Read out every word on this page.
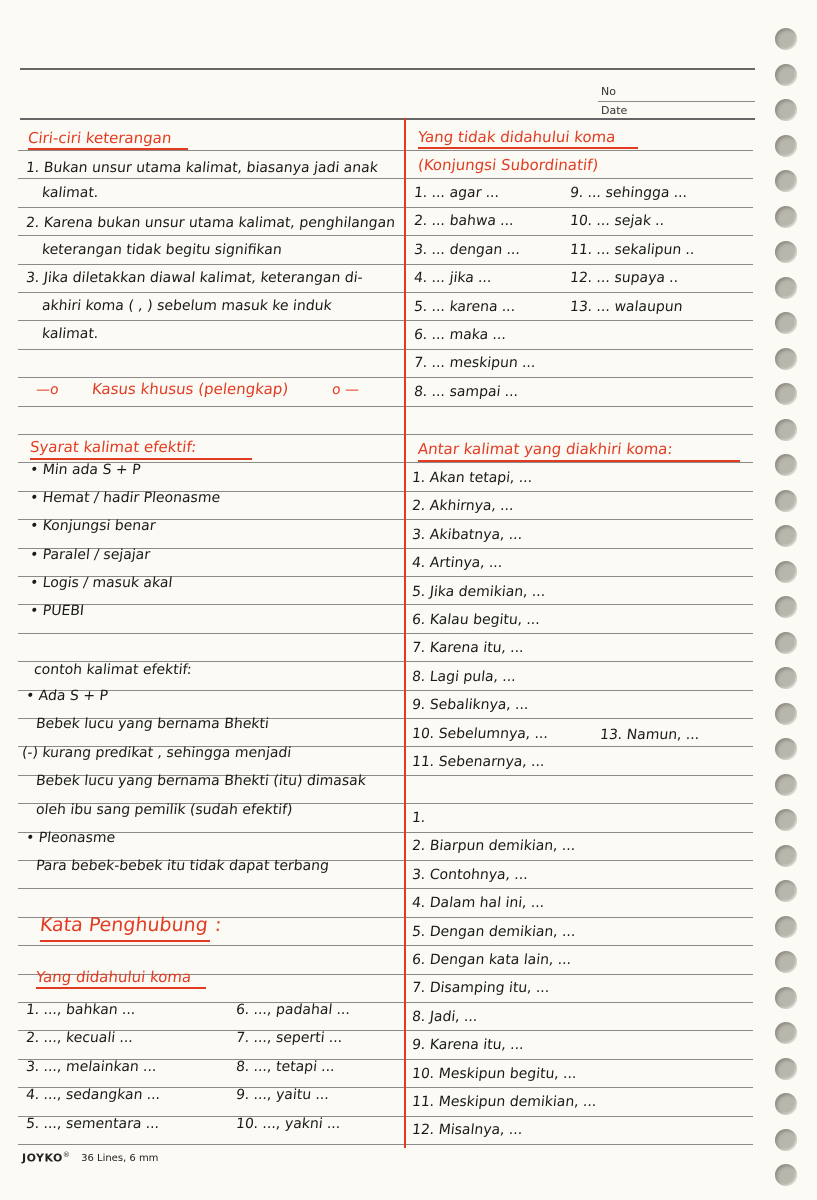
No
Date
Ciri-ciri keterangan
1. Bukan unsur utama kalimat, biasanya jadi anak
kalimat.
2. Karena bukan unsur utama kalimat, penghilangan
keterangan tidak begitu signifikan
3. Jika diletakkan diawal kalimat, keterangan di-
akhiri koma ( , ) sebelum masuk ke induk
kalimat.
—o Kasus khusus (pelengkap)	o —
Syarat kalimat efektif:
• Min ada S + P
• Hemat / hadir Pleonasme
• Konjungsi benar
• Paralel / sejajar
• Logis / masuk akal
• PUEBI
contoh kalimat efektif:
• Ada S + P
Bebek lucu yang bernama Bhekti
(-) kurang predikat , sehingga menjadi
Bebek lucu yang bernama Bhekti (itu) dimasak
oleh ibu sang pemilik (sudah efektif)
• Pleonasme
Para bebek-bebek itu tidak dapat terbang
Kata Penghubung :
Yang didahului koma
1. ..., bahkan ...
2. ..., kecuali ...
3. ..., melainkan ...
4. ..., sedangkan ...
5. ..., sementara ...
6. ..., padahal ...
7. ..., seperti ...
8. ..., tetapi ...
9. ..., yaitu ...
10. ..., yakni ...
Yang tidak didahului koma
(Konjungsi Subordinatif)
1. ... agar ...
2. ... bahwa ...
3. ... dengan ...
4. ... jika ...
5. ... karena ...
6. ... maka ...
7. ... meskipun ...
8. ... sampai ...
9. ... sehingga ...
10. ... sejak ..
11. ... sekalipun ..
12. ... supaya ..
13. ... walaupun
Antar kalimat yang diakhiri koma:
1. Akan tetapi, ...
2. Akhirnya, ...
3. Akibatnya, ...
4. Artinya, ...
5. Jika demikian, ...
6. Kalau begitu, ...
7. Karena itu, ...
8. Lagi pula, ...
9. Sebaliknya, ...
10. Sebelumnya, ...
11. Sebenarnya, ...
13. Namun, ...
1.
2. Biarpun demikian, ...
3. Contohnya, ...
4. Dalam hal ini, ...
5. Dengan demikian, ...
6. Dengan kata lain, ...
7. Disamping itu, ...
8. Jadi, ...
9. Karena itu, ...
10. Meskipun begitu, ...
11. Meskipun demikian, ...
12. Misalnya, ...
JOYKO® 36 Lines, 6 mm
